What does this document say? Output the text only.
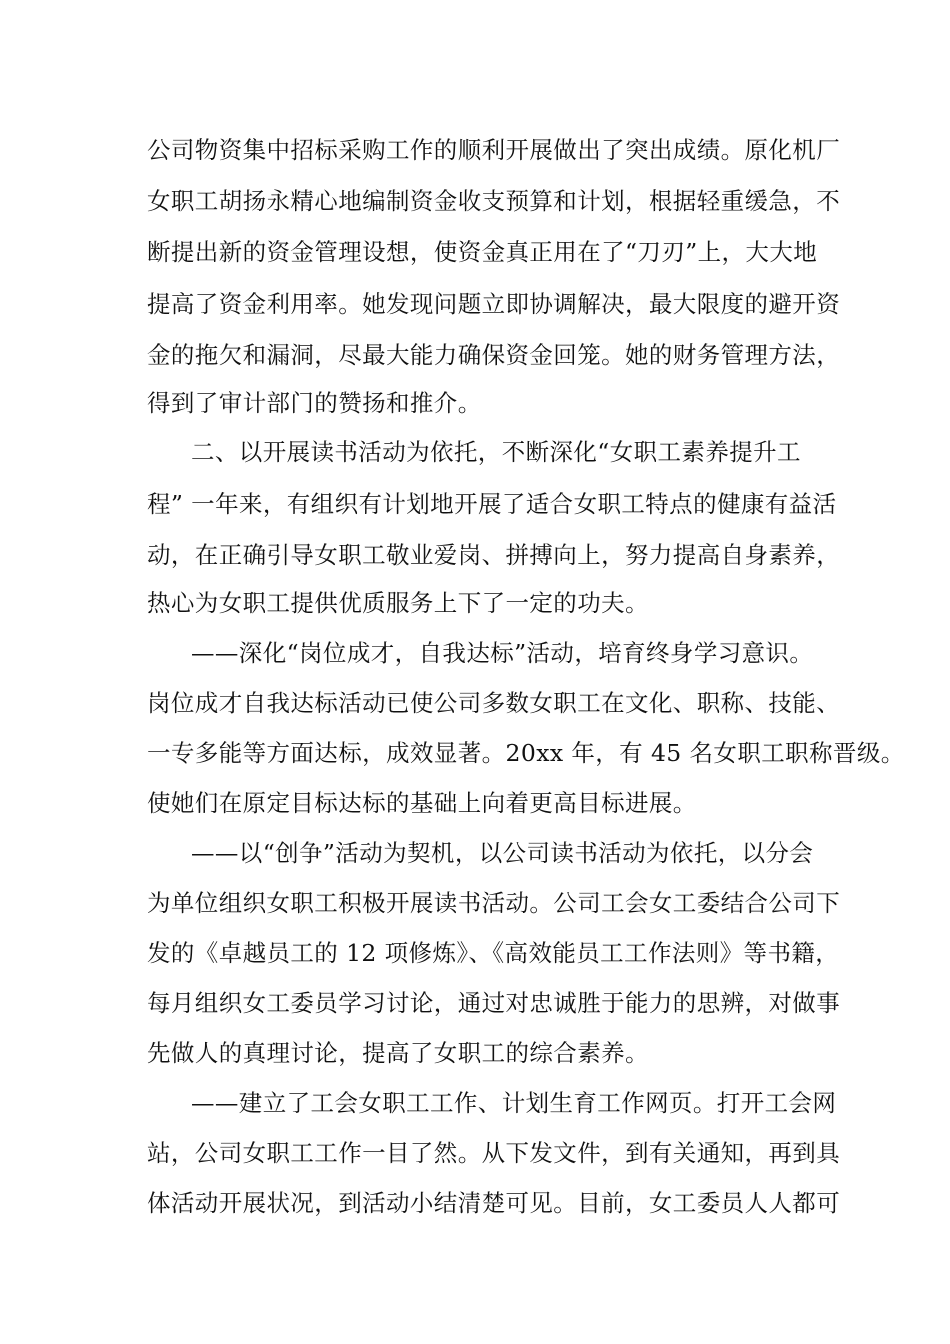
公司物资集中招标采购工作的顺利开展做出了突出成绩。原化机厂

女职工胡扬永精心地编制资金收支预算和计划，根据轻重缓急，不

断提出新的资金管理设想，使资金真正用在了“刀刃”上，大大地

提高了资金利用率。她发现问题立即协调解决，最大限度的避开资

金的拖欠和漏洞，尽最大能力确保资金回笼。她的财务管理方法，

得到了审计部门的赞扬和推介。

二、以开展读书活动为依托，不断深化“女职工素养提升工

程” 一年来，有组织有计划地开展了适合女职工特点的健康有益活

动，在正确引导女职工敬业爱岗、拼搏向上，努力提高自身素养，

热心为女职工提供优质服务上下了一定的功夫。

——深化“岗位成才，自我达标”活动，培育终身学习意识。

岗位成才自我达标活动已使公司多数女职工在文化、职称、技能、

一专多能等方面达标，成效显著。20xx 年，有 45 名女职工职称晋级。

使她们在原定目标达标的基础上向着更高目标进展。

——以“创争”活动为契机，以公司读书活动为依托，以分会

为单位组织女职工积极开展读书活动。公司工会女工委结合公司下

发的《卓越员工的 12 项修炼》、《高效能员工工作法则》等书籍，

每月组织女工委员学习讨论，通过对忠诚胜于能力的思辨，对做事

先做人的真理讨论，提高了女职工的综合素养。

——建立了工会女职工工作、计划生育工作网页。打开工会网

站，公司女职工工作一目了然。从下发文件，到有关通知，再到具

体活动开展状况，到活动小结清楚可见。目前，女工委员人人都可
